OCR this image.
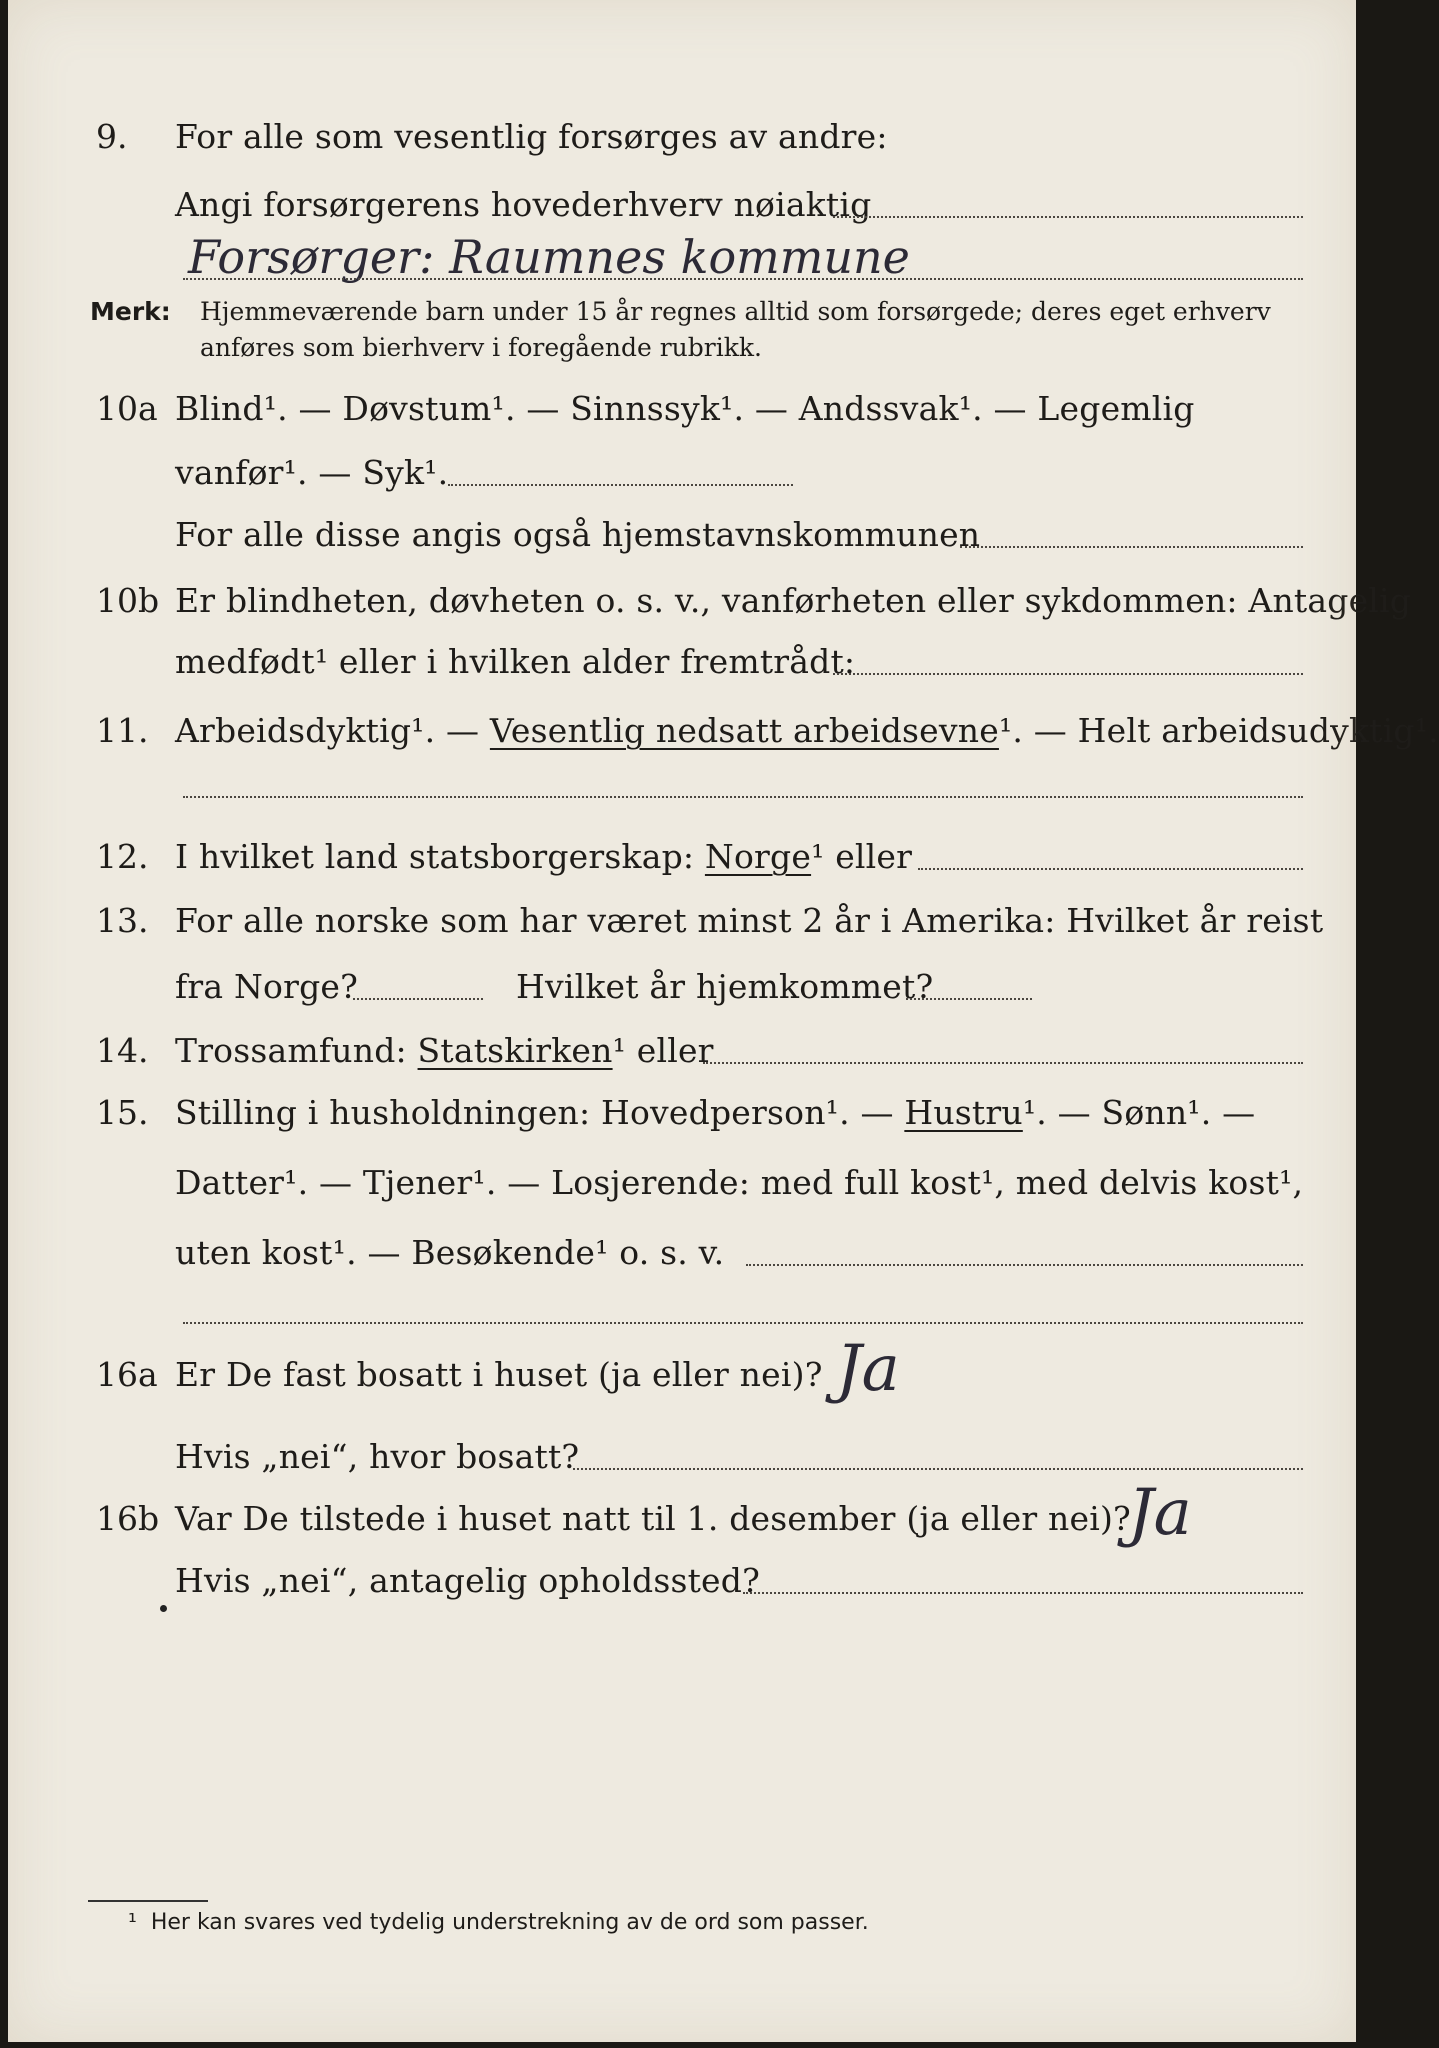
9. For alle som vesentlig forsørges av andre:
Angi forsørgerens hovederhverv nøiaktig
Forsørger: Raumnes kommune
Merk: Hjemmeværende barn under 15 år regnes alltid som forsørgede; deres eget erhverv
anføres som bierhverv i foregående rubrikk.
10a Blind¹. — Døvstum¹. — Sinnssyk¹. — Andssvak¹. — Legemlig
vanfør¹. — Syk¹.
For alle disse angis også hjemstavnskommunen
10b Er blindheten, døvheten o. s. v., vanførheten eller sykdommen: Antagelig
medfødt¹ eller i hvilken alder fremtrådt:
11. Arbeidsdyktig¹. — Vesentlig nedsatt arbeidsevne¹. — Helt arbeidsudyktig¹.
12. I hvilket land statsborgerskap: Norge¹ eller
13. For alle norske som har været minst 2 år i Amerika: Hvilket år reist
fra Norge?	Hvilket år hjemkommet?
14. Trossamfund: Statskirken¹ eller
15. Stilling i husholdningen: Hovedperson¹. — Hustru¹. — Sønn¹. —
Datter¹. — Tjener¹. — Losjerende: med full kost¹, med delvis kost¹,
uten kost¹. — Besøkende¹ o. s. v.
16a Er De fast bosatt i huset (ja eller nei)? Ja
Hvis „nei“, hvor bosatt?
16b Var De tilstede i huset natt til 1. desember (ja eller nei)?
Ja
Hvis „nei“, antagelig opholdssted?
¹ Her kan svares ved tydelig understrekning av de ord som passer.
